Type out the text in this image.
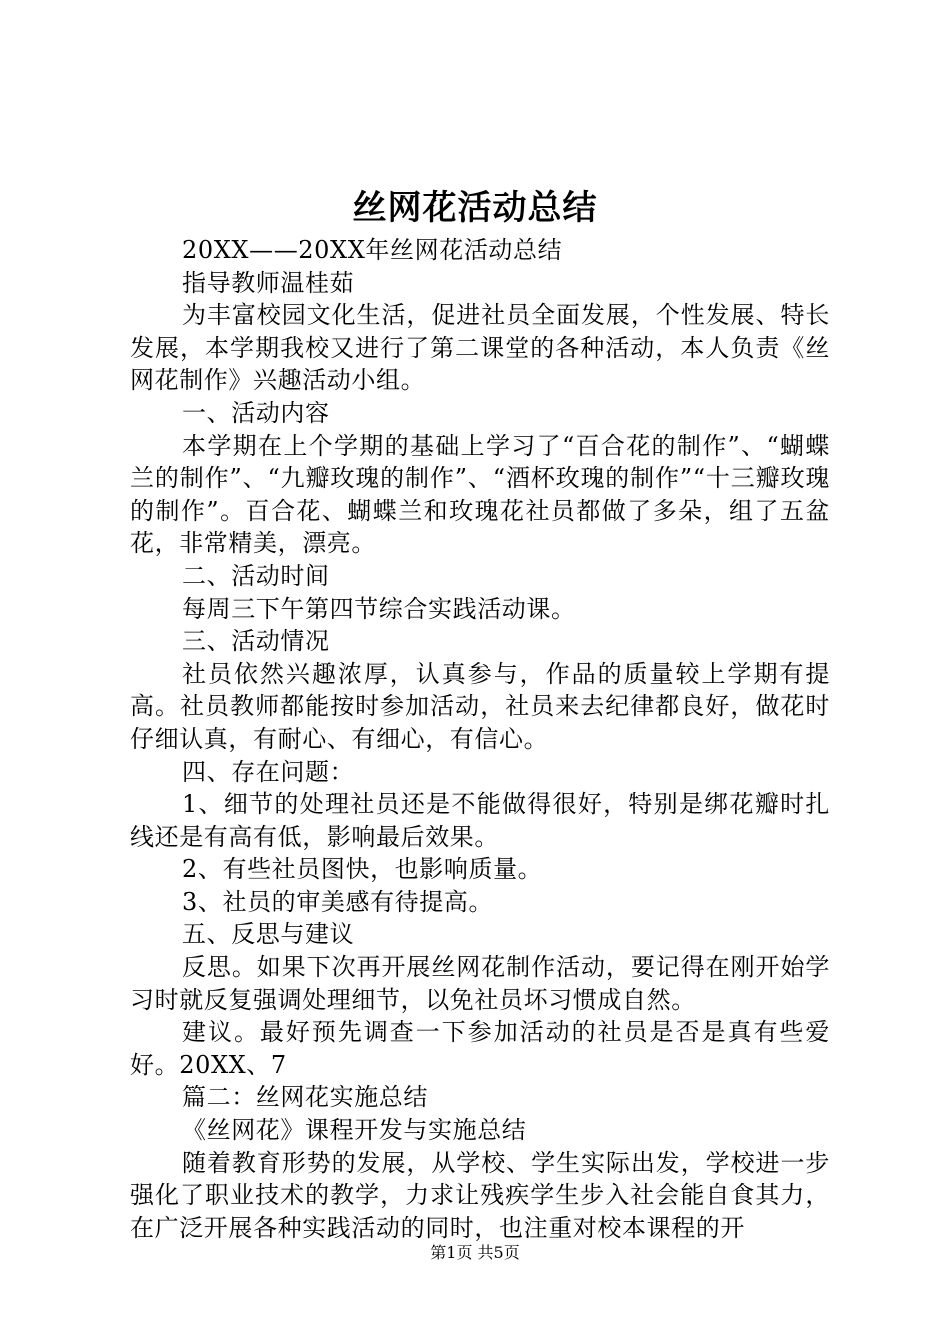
丝网花活动总结

20XX——20XX年丝网花活动总结

指导教师温桂茹

为丰富校园文化生活，促进社员全面发展，个性发展、特长发展，本学期我校又进行了第二课堂的各种活动，本人负责《丝网花制作》兴趣活动小组。

一、活动内容

本学期在上个学期的基础上学习了“百合花的制作”、“蝴蝶兰的制作”、“九瓣玫瑰的制作”、“酒杯玫瑰的制作”“十三瓣玫瑰的制作”。百合花、蝴蝶兰和玫瑰花社员都做了多朵，组了五盆花，非常精美，漂亮。

二、活动时间

每周三下午第四节综合实践活动课。

三、活动情况

社员依然兴趣浓厚，认真参与，作品的质量较上学期有提高。社员教师都能按时参加活动，社员来去纪律都良好，做花时仔细认真，有耐心、有细心，有信心。

四、存在问题：

1、细节的处理社员还是不能做得很好，特别是绑花瓣时扎线还是有高有低，影响最后效果。

2、有些社员图快，也影响质量。

3、社员的审美感有待提高。

五、反思与建议

反思。如果下次再开展丝网花制作活动，要记得在刚开始学习时就反复强调处理细节，以免社员坏习惯成自然。

建议。最好预先调查一下参加活动的社员是否是真有些爱好。20XX、7

篇二：丝网花实施总结

《丝网花》课程开发与实施总结

随着教育形势的发展，从学校、学生实际出发，学校进一步强化了职业技术的教学，力求让残疾学生步入社会能自食其力，在广泛开展各种实践活动的同时，也注重对校本课程的开

第1页 共5页
